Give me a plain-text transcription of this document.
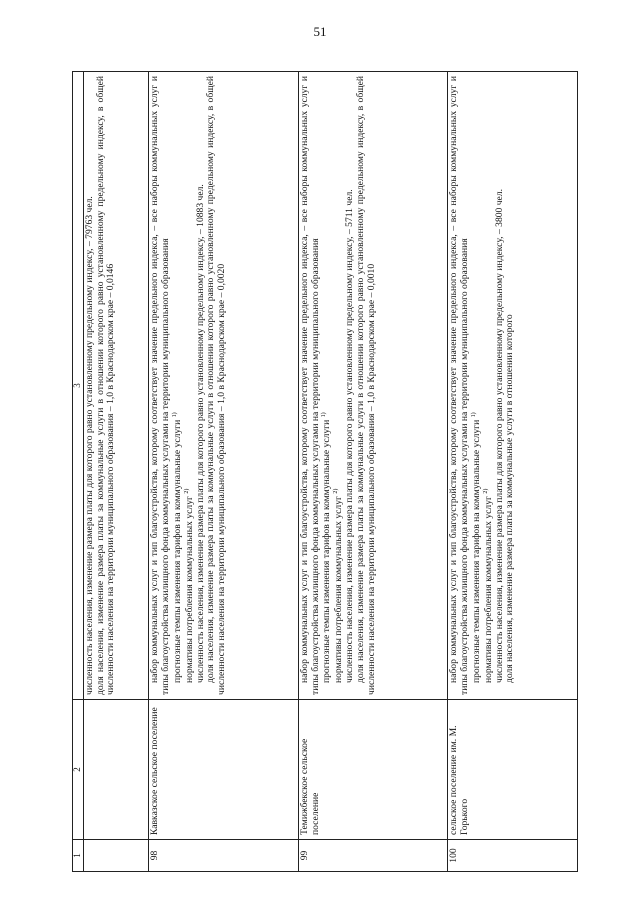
51
1	2	3

		численность населения, изменение размера платы для которого равно установленному предельному индексу, – 79763 чел. доля населения, изменение размера платы за коммунальные услуги в отношении которого равно установленному предельному индексу, в общей численности населения на территории муниципального образования – 1,0 в Краснодарском крае – 0,0146

98	Кавказское сельское поселение	набор коммунальных услуг и тип благоустройства, которому соответствует значение предельного индекса, – все наборы коммунальных услуг и типы благоустройства жилищного фонда коммунальных услугами на территории муниципального образования прогнозные темпы изменения тарифов на коммунальные услуги $^{1)}$
нормативы потребления коммунальных услуг $^{2)}$ численность населения, изменение размера платы для которого равно установленному предельному индексу, – 10883 чел. доля населения, изменение размера платы за коммунальные услуги в отношении которого равно установленному предельному индексу, в общей численности населения на территории муниципального образования – 1,0 в Краснодарском крае – 0,0020

99	Темижбекское сельское поселение	набор коммунальных услуг и тип благоустройства, которому соответствует значение предельного индекса, – все наборы коммунальных услуг и типы благоустройства жилищного фонда коммунальных услугами на территории муниципального образования прогнозные темпы изменения тарифов на коммунальные услуги $^{1)}$
нормативы потребления коммунальных услуг $^{2)}$ численность населения, изменение размера платы для которого равно установленному предельному индексу, – 5711 чел. доля населения, изменение размера платы за коммунальные услуги в отношении которого равно установленному предельному индексу, в общей численности населения на территории муниципального образования – 1,0 в Краснодарском крае – 0,0010

100	сельское поселение им. М. Горького	набор коммунальных услуг и тип благоустройства, которому соответствует значение предельного индекса, – все наборы коммунальных услуг и типы благоустройства жилищного фонда коммунальных услугами на территории муниципального образования прогнозные темпы изменения тарифов на коммунальные услуги $^{1)}$
нормативы потребления коммунальных услуг $^{2)}$ численность населения, изменение размера платы для которого равно установленному предельному индексу, – 3800 чел. доля населения, изменение размера платы за коммунальные услуги в отношении которого
